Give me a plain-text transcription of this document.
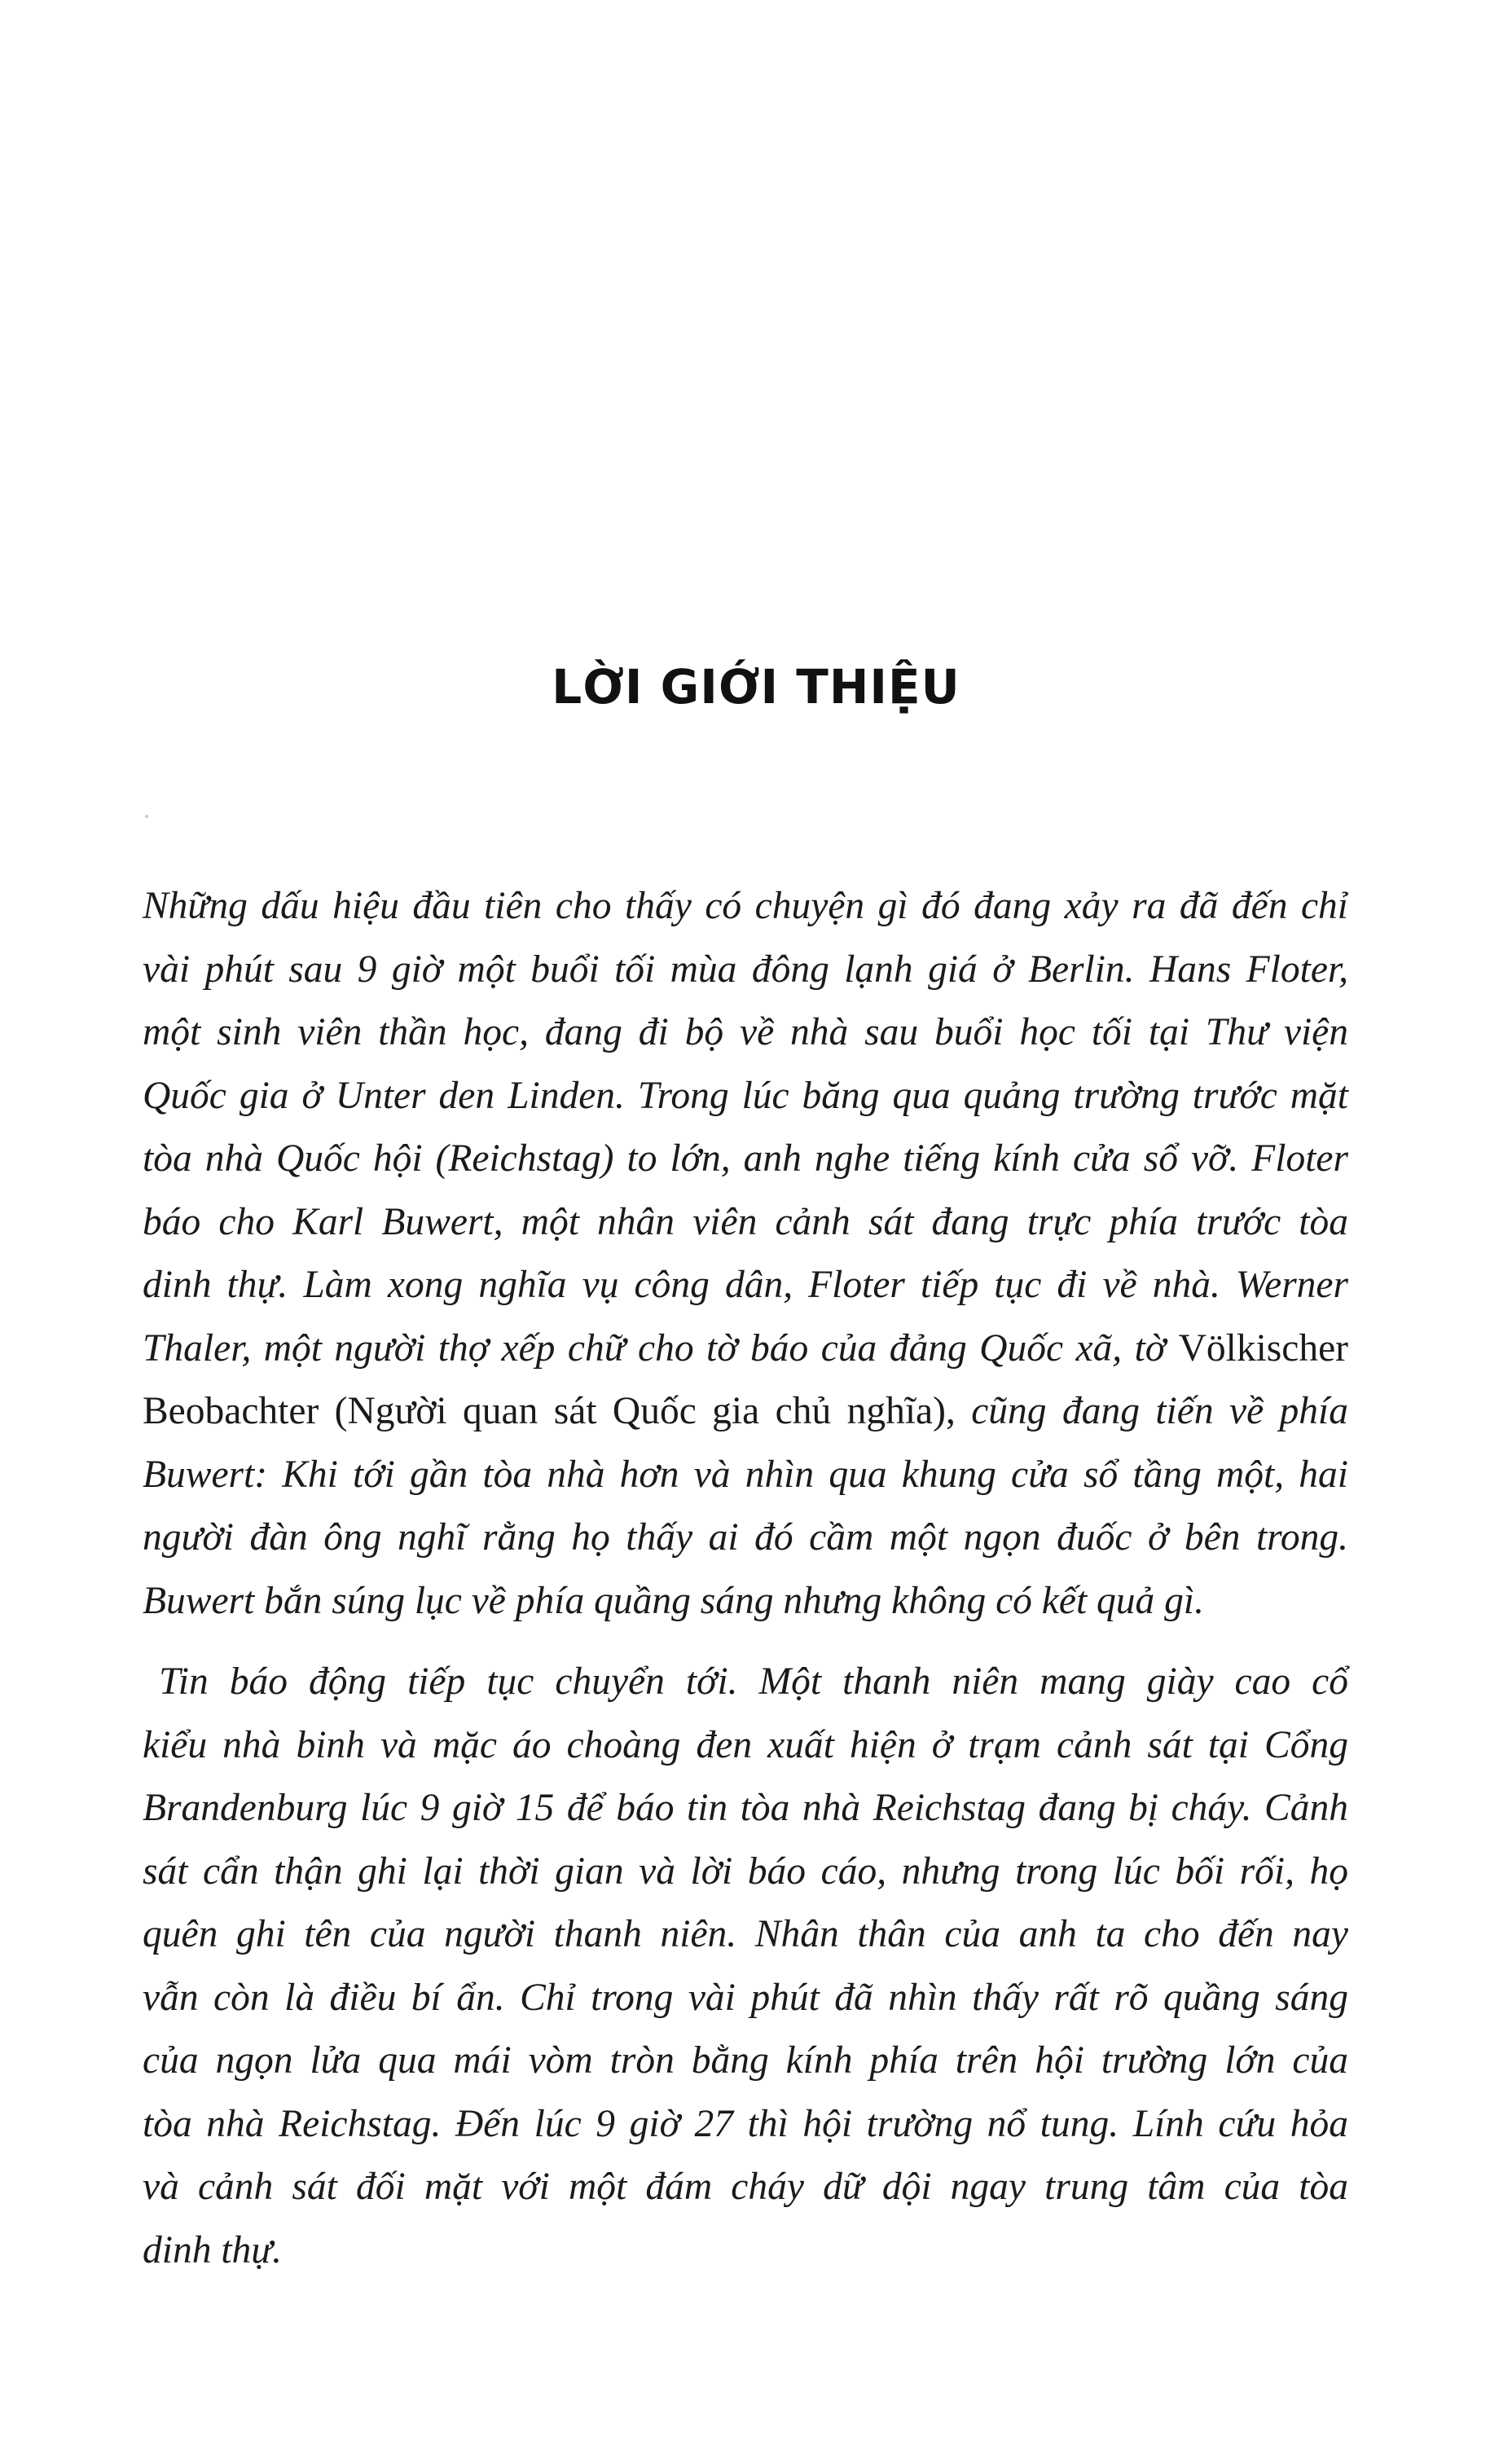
LỜI GIỚI THIỆU

Những dấu hiệu đầu tiên cho thấy có chuyện gì đó đang xảy ra đã đến chỉ
vài phút sau 9 giờ một buổi tối mùa đông lạnh giá ở Berlin. Hans Floter,
một sinh viên thần học, đang đi bộ về nhà sau buổi học tối tại Thư viện
Quốc gia ở Unter den Linden. Trong lúc băng qua quảng trường trước mặt
tòa nhà Quốc hội (Reichstag) to lớn, anh nghe tiếng kính cửa sổ vỡ. Floter
báo cho Karl Buwert, một nhân viên cảnh sát đang trực phía trước tòa
dinh thự. Làm xong nghĩa vụ công dân, Floter tiếp tục đi về nhà. Werner
Thaler, một người thợ xếp chữ cho tờ báo của đảng Quốc xã, tờ Völkischer
Beobachter (Người quan sát Quốc gia chủ nghĩa), cũng đang tiến về phía
Buwert: Khi tới gần tòa nhà hơn và nhìn qua khung cửa sổ tầng một, hai
người đàn ông nghĩ rằng họ thấy ai đó cầm một ngọn đuốc ở bên trong.
Buwert bắn súng lục về phía quầng sáng nhưng không có kết quả gì.

Tin báo động tiếp tục chuyển tới. Một thanh niên mang giày cao cổ
kiểu nhà binh và mặc áo choàng đen xuất hiện ở trạm cảnh sát tại Cổng
Brandenburg lúc 9 giờ 15 để báo tin tòa nhà Reichstag đang bị cháy. Cảnh
sát cẩn thận ghi lại thời gian và lời báo cáo, nhưng trong lúc bối rối, họ
quên ghi tên của người thanh niên. Nhân thân của anh ta cho đến nay
vẫn còn là điều bí ẩn. Chỉ trong vài phút đã nhìn thấy rất rõ quầng sáng
của ngọn lửa qua mái vòm tròn bằng kính phía trên hội trường lớn của
tòa nhà Reichstag. Đến lúc 9 giờ 27 thì hội trường nổ tung. Lính cứu hỏa
và cảnh sát đối mặt với một đám cháy dữ dội ngay trung tâm của tòa
dinh thự.
